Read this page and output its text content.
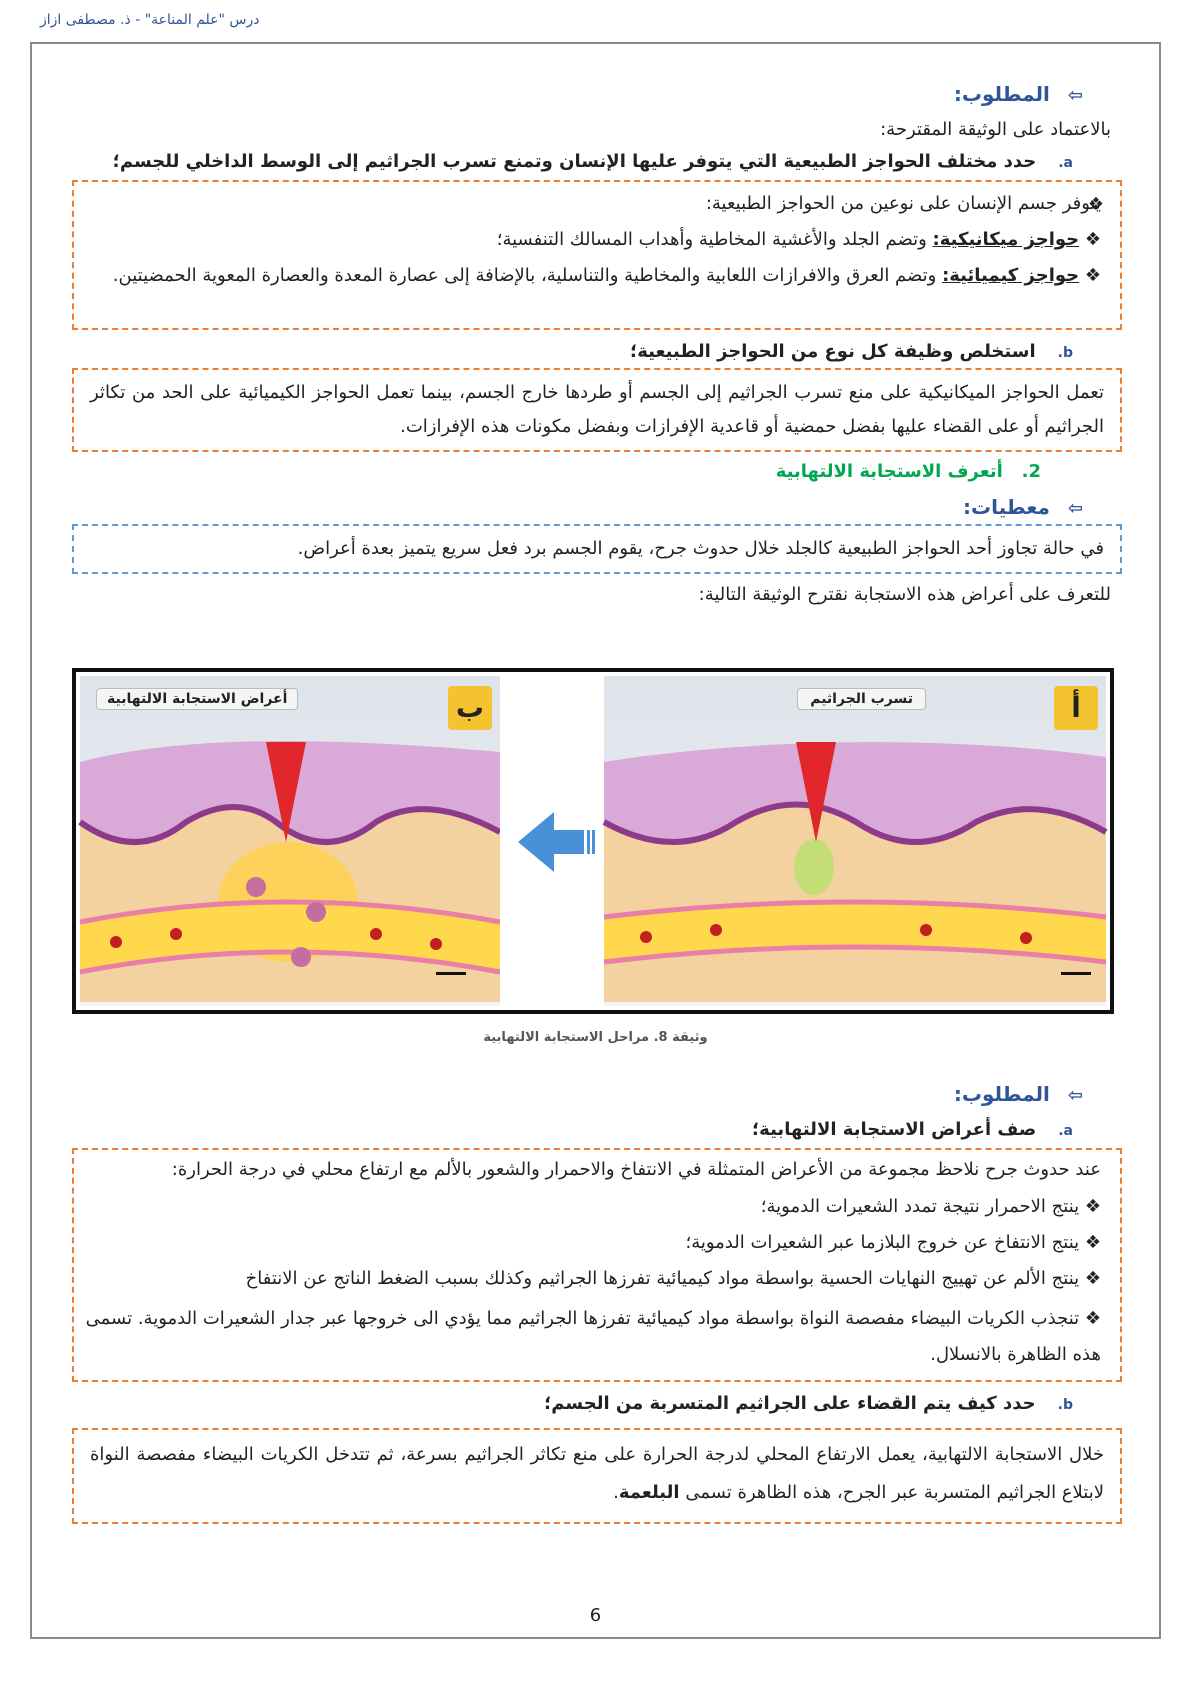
درس "علم المناعة" - ذ. مصطفى ازاز
⇦المطلوب:
بالاعتماد على الوثيقة المقترحة:
a.حدد مختلف الحواجز الطبيعية التي يتوفر عليها الإنسان وتمنع تسرب الجراثيم إلى الوسط الداخلي للجسم؛
❖
يتوفر جسم الإنسان على نوعين من الحواجز الطبيعية:
❖ حواجز ميكانيكية: وتضم الجلد والأغشية المخاطية وأهداب المسالك التنفسية؛
❖ حواجز كيميائية: وتضم العرق والافرازات اللعابية والمخاطية والتناسلية، بالإضافة إلى عصارة المعدة والعصارة المعوية الحمضيتين.
b.استخلص وظيفة كل نوع من الحواجز الطبيعية؛
تعمل الحواجز الميكانيكية على منع تسرب الجراثيم إلى الجسم أو طردها خارج الجسم، بينما تعمل الحواجز الكيميائية على الحد من تكاثر الجراثيم أو على القضاء عليها بفضل حمضية أو قاعدية الإفرازات وبفضل مكونات هذه الإفرازات.
2.   أتعرف الاستجابة الالتهابية
⇦معطيات:
في حالة تجاوز أحد الحواجز الطبيعية كالجلد خلال حدوث جرح، يقوم الجسم برد فعل سريع يتميز بعدة أعراض.
للتعرف على أعراض هذه الاستجابة نقترح الوثيقة التالية:
ب
أعراض الاستجابة الالتهابية	أ
تسرب الجراثيم
وثيقة 8. مراحل الاستجابة الالتهابية
⇦المطلوب:
a.صف أعراض الاستجابة الالتهابية؛
عند حدوث جرح نلاحظ مجموعة من الأعراض المتمثلة في الانتفاخ والاحمرار والشعور بالألم مع ارتفاع محلي في درجة الحرارة:
❖ ينتج الاحمرار نتيجة تمدد الشعيرات الدموية؛
❖ ينتج الانتفاخ عن خروج البلازما عبر الشعيرات الدموية؛
❖ ينتج الألم عن تهييج النهايات الحسية بواسطة مواد كيميائية تفرزها الجراثيم وكذلك بسبب الضغط الناتج عن الانتفاخ
❖ تنجذب الكريات البيضاء مفصصة النواة بواسطة مواد كيميائية تفرزها الجراثيم مما يؤدي الى خروجها عبر جدار الشعيرات الدموية. تسمى هذه الظاهرة بالانسلال.
b.حدد كيف يتم القضاء على الجراثيم المتسربة من الجسم؛
خلال الاستجابة الالتهابية، يعمل الارتفاع المحلي لدرجة الحرارة على منع تكاثر الجراثيم بسرعة، ثم تتدخل الكريات البيضاء مفصصة النواة لابتلاع الجراثيم المتسربة عبر الجرح، هذه الظاهرة تسمى البلعمة.
6
